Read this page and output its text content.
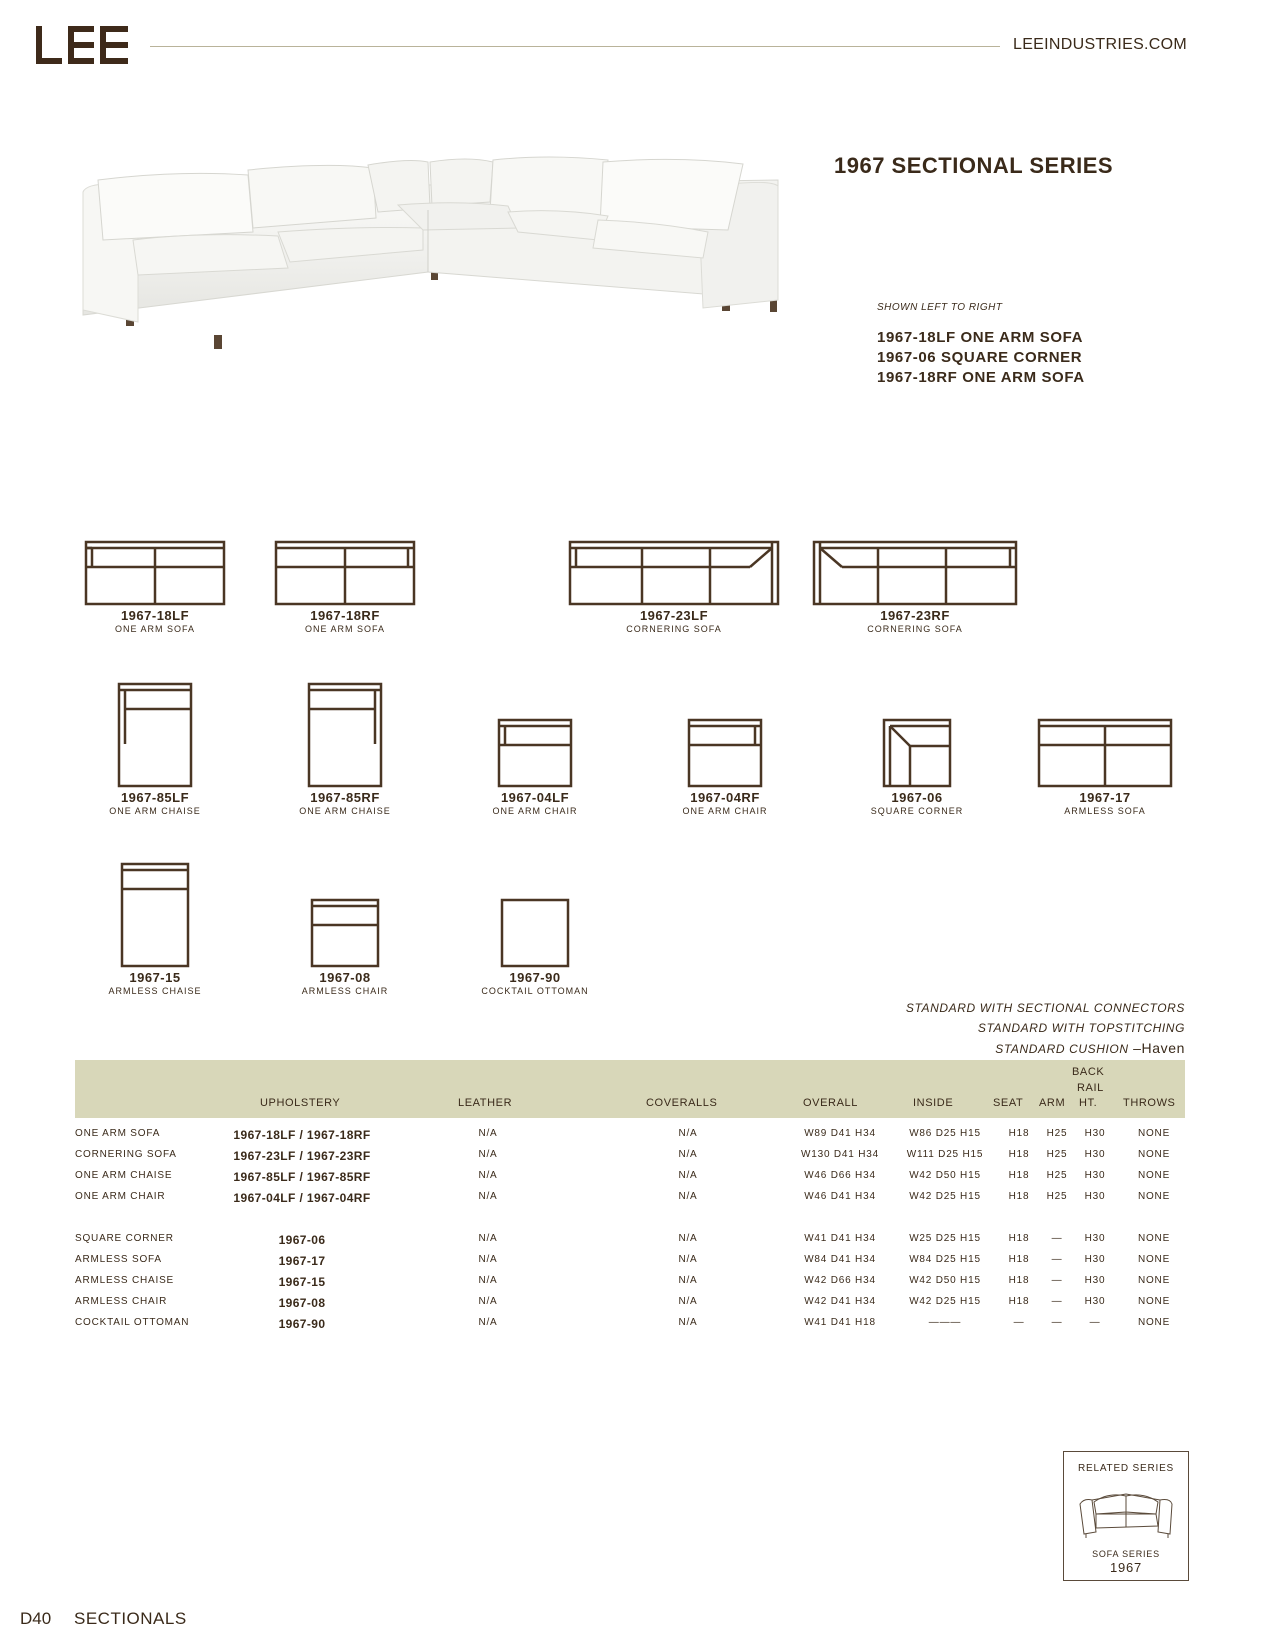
LEEINDUSTRIES.COM
1967 SECTIONAL SERIES
SHOWN LEFT TO RIGHT
1967-18LF ONE ARM SOFA
1967-06 SQUARE CORNER
1967-18RF ONE ARM SOFA
1967-18LF
ONE ARM SOFA
1967-18RF
ONE ARM SOFA
1967-23LF
CORNERING SOFA
1967-23RF
CORNERING SOFA
1967-85LF
ONE ARM CHAISE
1967-85RF
ONE ARM CHAISE
1967-04LF
ONE ARM CHAIR
1967-04RF
ONE ARM CHAIR
1967-06
SQUARE CORNER
1967-17
ARMLESS SOFA
1967-15
ARMLESS CHAISE
1967-08
ARMLESS CHAIR
1967-90
COCKTAIL OTTOMAN
STANDARD WITH SECTIONAL CONNECTORS
STANDARD WITH TOPSTITCHING
STANDARD CUSHION –Haven
UPHOLSTERY	LEATHER	COVERALLS	OVERALL	INSIDE	SEAT ARM
BACK
RAIL
HT. THROWS
ONE ARM SOFA	1967-18LF / 1967-18RF	N/A	N/A	W89 D41 H34	W86 D25 H15	H18 H25 H30	NONE
CORNERING SOFA	1967-23LF / 1967-23RF	N/A	N/A	W130 D41 H34	W111 D25 H15	H18 H25 H30	NONE
ONE ARM CHAISE	1967-85LF / 1967-85RF	N/A	N/A	W46 D66 H34	W42 D50 H15	H18 H25 H30	NONE
ONE ARM CHAIR	1967-04LF / 1967-04RF	N/A	N/A	W46 D41 H34	W42 D25 H15	H18 H25 H30	NONE
SQUARE CORNER	1967-06	N/A	N/A	W41 D41 H34	W25 D25 H15	H18 — H30	NONE
ARMLESS SOFA	1967-17	N/A	N/A	W84 D41 H34	W84 D25 H15	H18 — H30	NONE
ARMLESS CHAISE	1967-15	N/A	N/A	W42 D66 H34	W42 D50 H15	H18 — H30	NONE
ARMLESS CHAIR	1967-08	N/A	N/A	W42 D41 H34	W42 D25 H15	H18 — H30	NONE
COCKTAIL OTTOMAN	1967-90	N/A	N/A	W41 D41 H18	———	—	—	—	NONE
RELATED SERIES
SOFA SERIES
1967
D40 SECTIONALS
